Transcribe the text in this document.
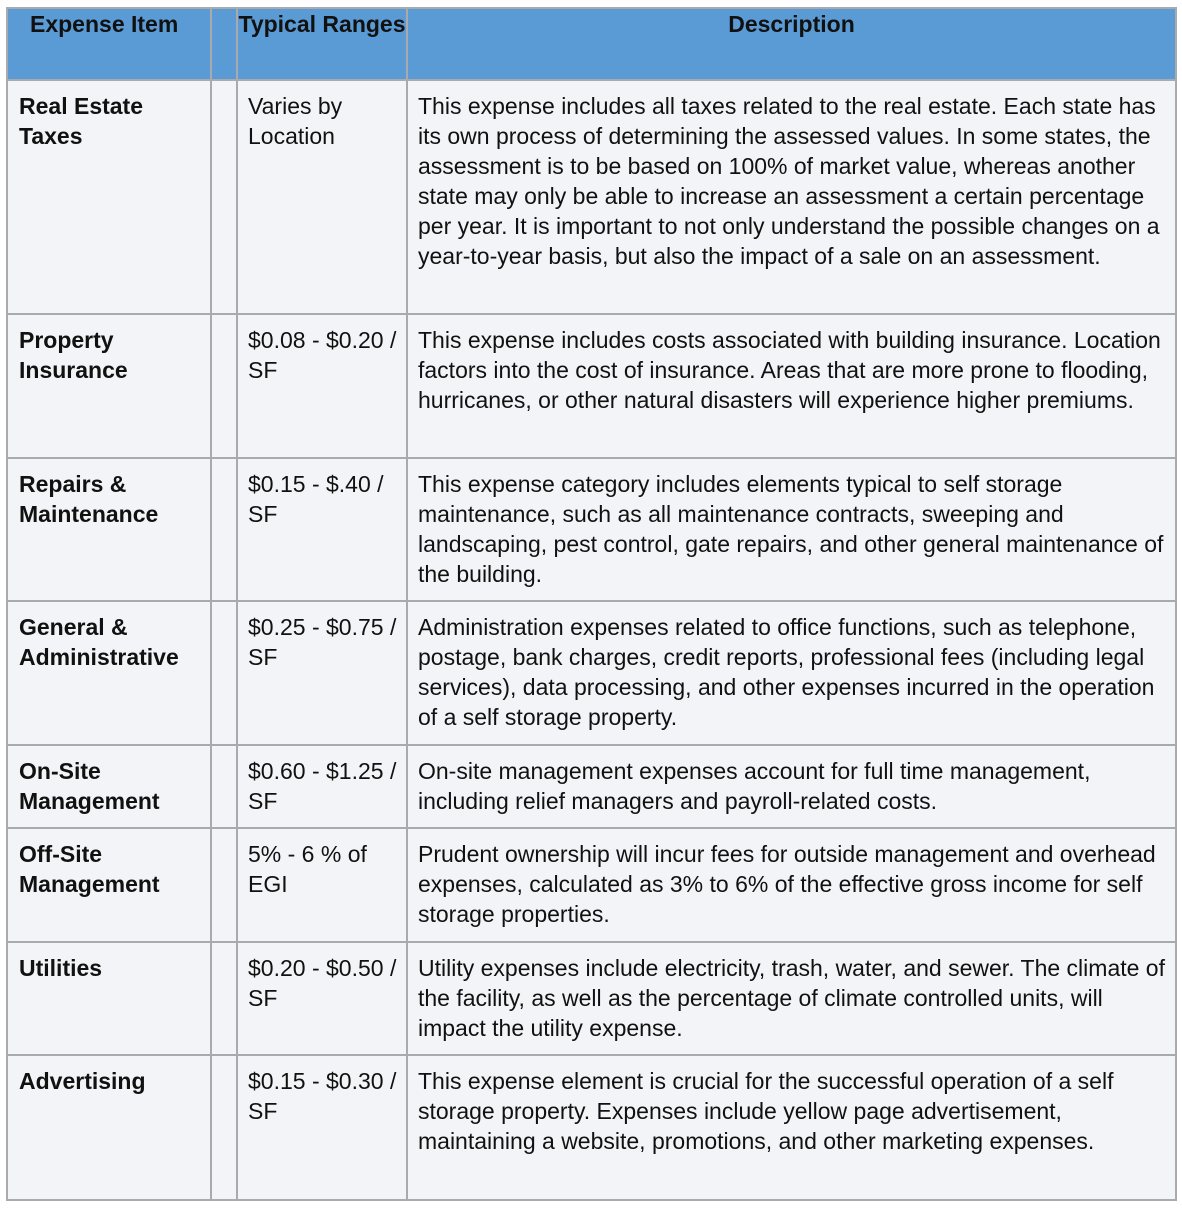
Expense Item		Typical Ranges	Description
Real Estate Taxes		Varies by Location	This expense includes all taxes related to the real estate. Each state has its own process of determining the assessed values. In some states, the assessment is to be based on 100% of market value, whereas another state may only be able to increase an assessment a certain percentage per year. It is important to not only understand the possible changes on a year-to-year basis, but also the impact of a sale on an assessment.
Property Insurance		$0.08 - $0.20 / SF	This expense includes costs associated with building insurance. Location factors into the cost of insurance. Areas that are more prone to flooding, hurricanes, or other natural disasters will experience higher premiums.
Repairs & Maintenance		$0.15 - $.40 / SF	This expense category includes elements typical to self storage maintenance, such as all maintenance contracts, sweeping and landscaping, pest control, gate repairs, and other general maintenance of the building.
General & Administrative		$0.25 - $0.75 / SF	Administration expenses related to office functions, such as telephone, postage, bank charges, credit reports, professional fees (including legal services), data processing, and other expenses incurred in the operation of a self storage property.
On-Site Management		$0.60 - $1.25 / SF	On-site management expenses account for full time management, including relief managers and payroll-related costs.
Off-Site Management		5% - 6 % of EGI	Prudent ownership will incur fees for outside management and overhead expenses, calculated as 3% to 6% of the effective gross income for self storage properties.
Utilities		$0.20 - $0.50 / SF	Utility expenses include electricity, trash, water, and sewer. The climate of the facility, as well as the percentage of climate controlled units, will impact the utility expense.
Advertising		$0.15 - $0.30 / SF	This expense element is crucial for the successful operation of a self storage property. Expenses include yellow page advertisement, maintaining a website, promotions, and other marketing expenses.
